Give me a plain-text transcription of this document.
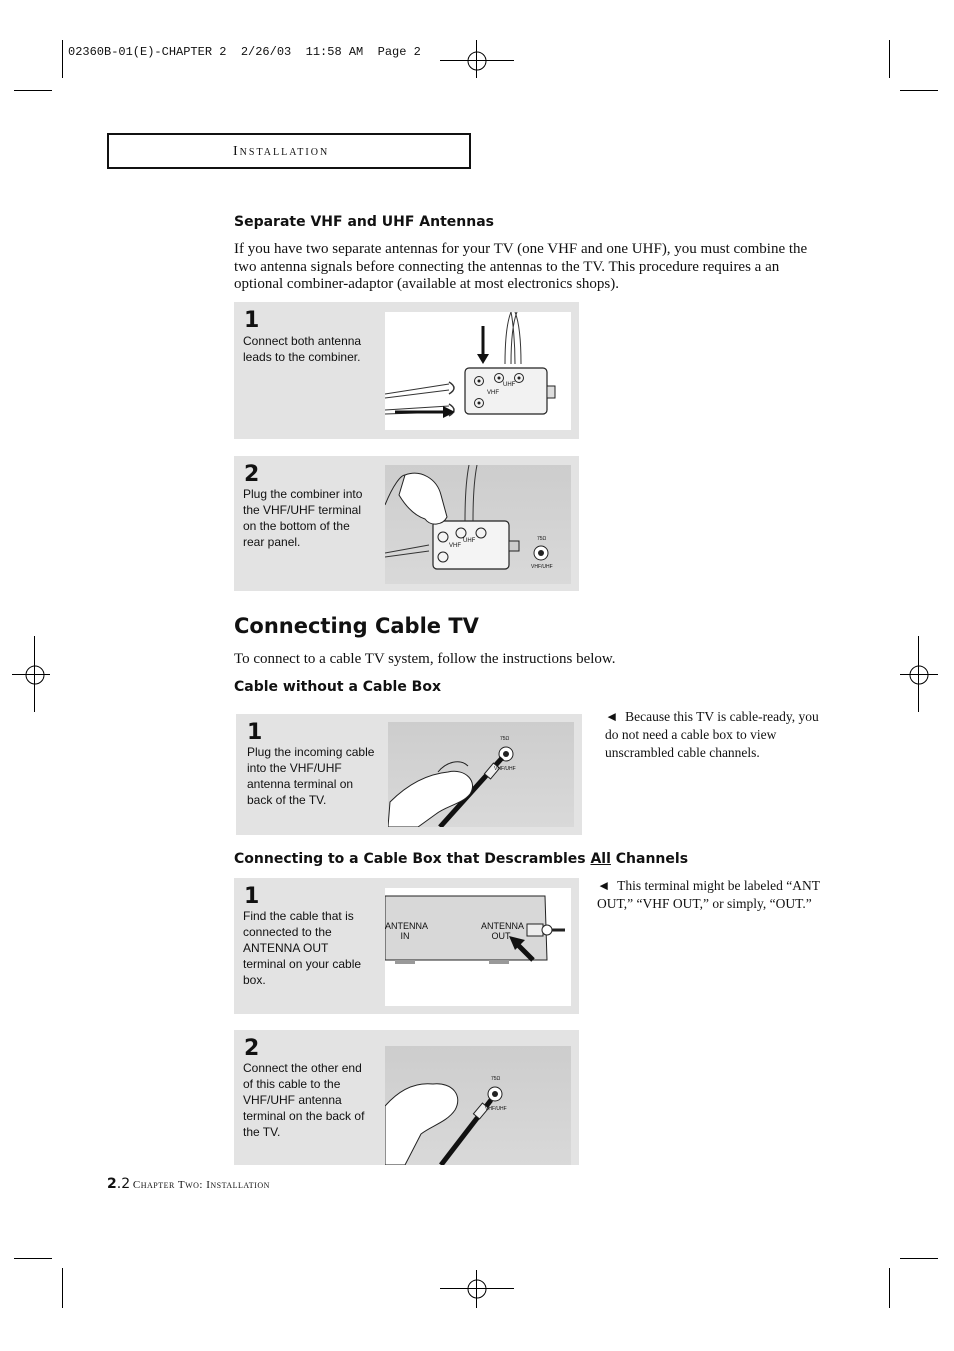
02360B-01(E)-CHAPTER 2  2/26/03  11:58 AM  Page 2
Installation
Separate VHF and UHF Antennas

If you have two separate antennas for your TV (one VHF and one UHF), you must combine the two antenna signals before connecting the antennas to the TV. This procedure requires a an optional combiner-adaptor (available at most electronics shops).

1
Connect both antenna leads to the combiner.
UHF
VHF
2
Plug the combiner into the VHF/UHF terminal on the bottom of the rear panel.	UHF
VHF
75Ω
VHF/UHF
Connecting Cable TV

To connect to a cable TV system, follow the instructions below.

Cable without a Cable Box
1
Plug the incoming cable into the VHF/UHF antenna terminal on back of the TV.
75Ω
VHF/UHF
◄  Because this TV is cable-ready, you do not need a cable box to view unscrambled cable channels.
Connecting to a Cable Box that Descrambles All Channels
1
Find the cable that is connected to the ANTENNA OUT terminal on your cable box.
ANTENNA IN
ANTENNA OUT
◄  This terminal might be labeled “ANT OUT,” “VHF OUT,” or simply, “OUT.”
2
Connect the other end of this cable to the VHF/UHF antenna terminal on the back of the TV.
75Ω
VHF/UHF
2.2 Chapter Two: Installation
